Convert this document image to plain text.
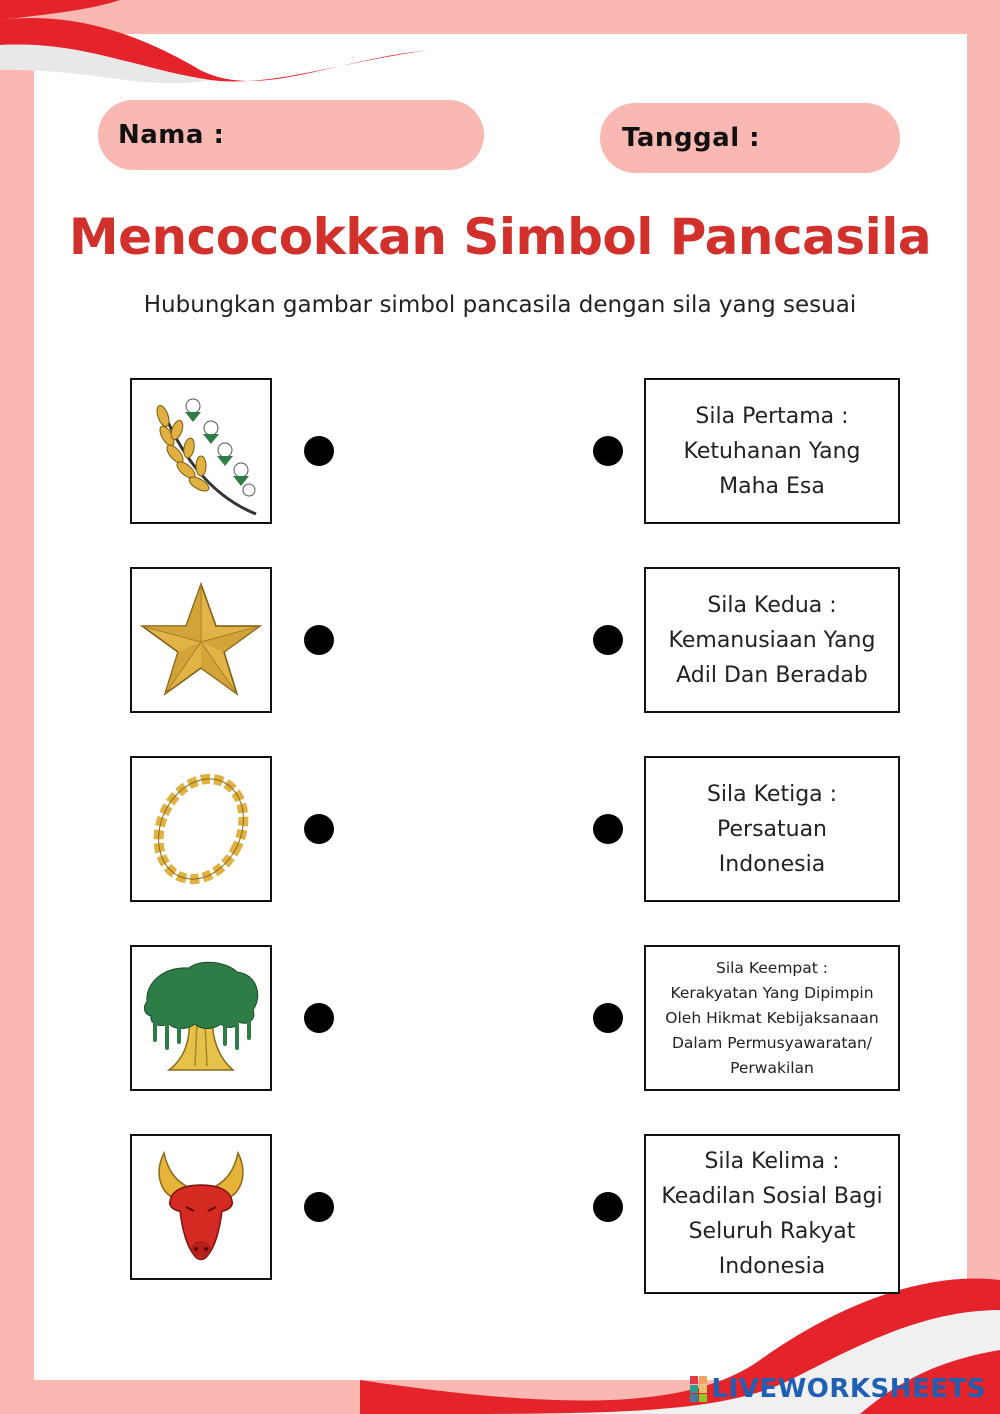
Nama :	Tanggal :
Mencocokkan Simbol Pancasila
Hubungkan gambar simbol pancasila dengan sila yang sesuai
Sila Pertama :
Ketuhanan Yang
Maha Esa
Sila Kedua :
Kemanusiaan Yang
Adil Dan Beradab
Sila Ketiga :
Persatuan
Indonesia
Sila Keempat :
Kerakyatan Yang Dipimpin
Oleh Hikmat Kebijaksanaan
Dalam Permusyawaratan/
Perwakilan
Sila Kelima :
Keadilan Sosial Bagi
Seluruh Rakyat
Indonesia
LIVEWORKSHEETS
